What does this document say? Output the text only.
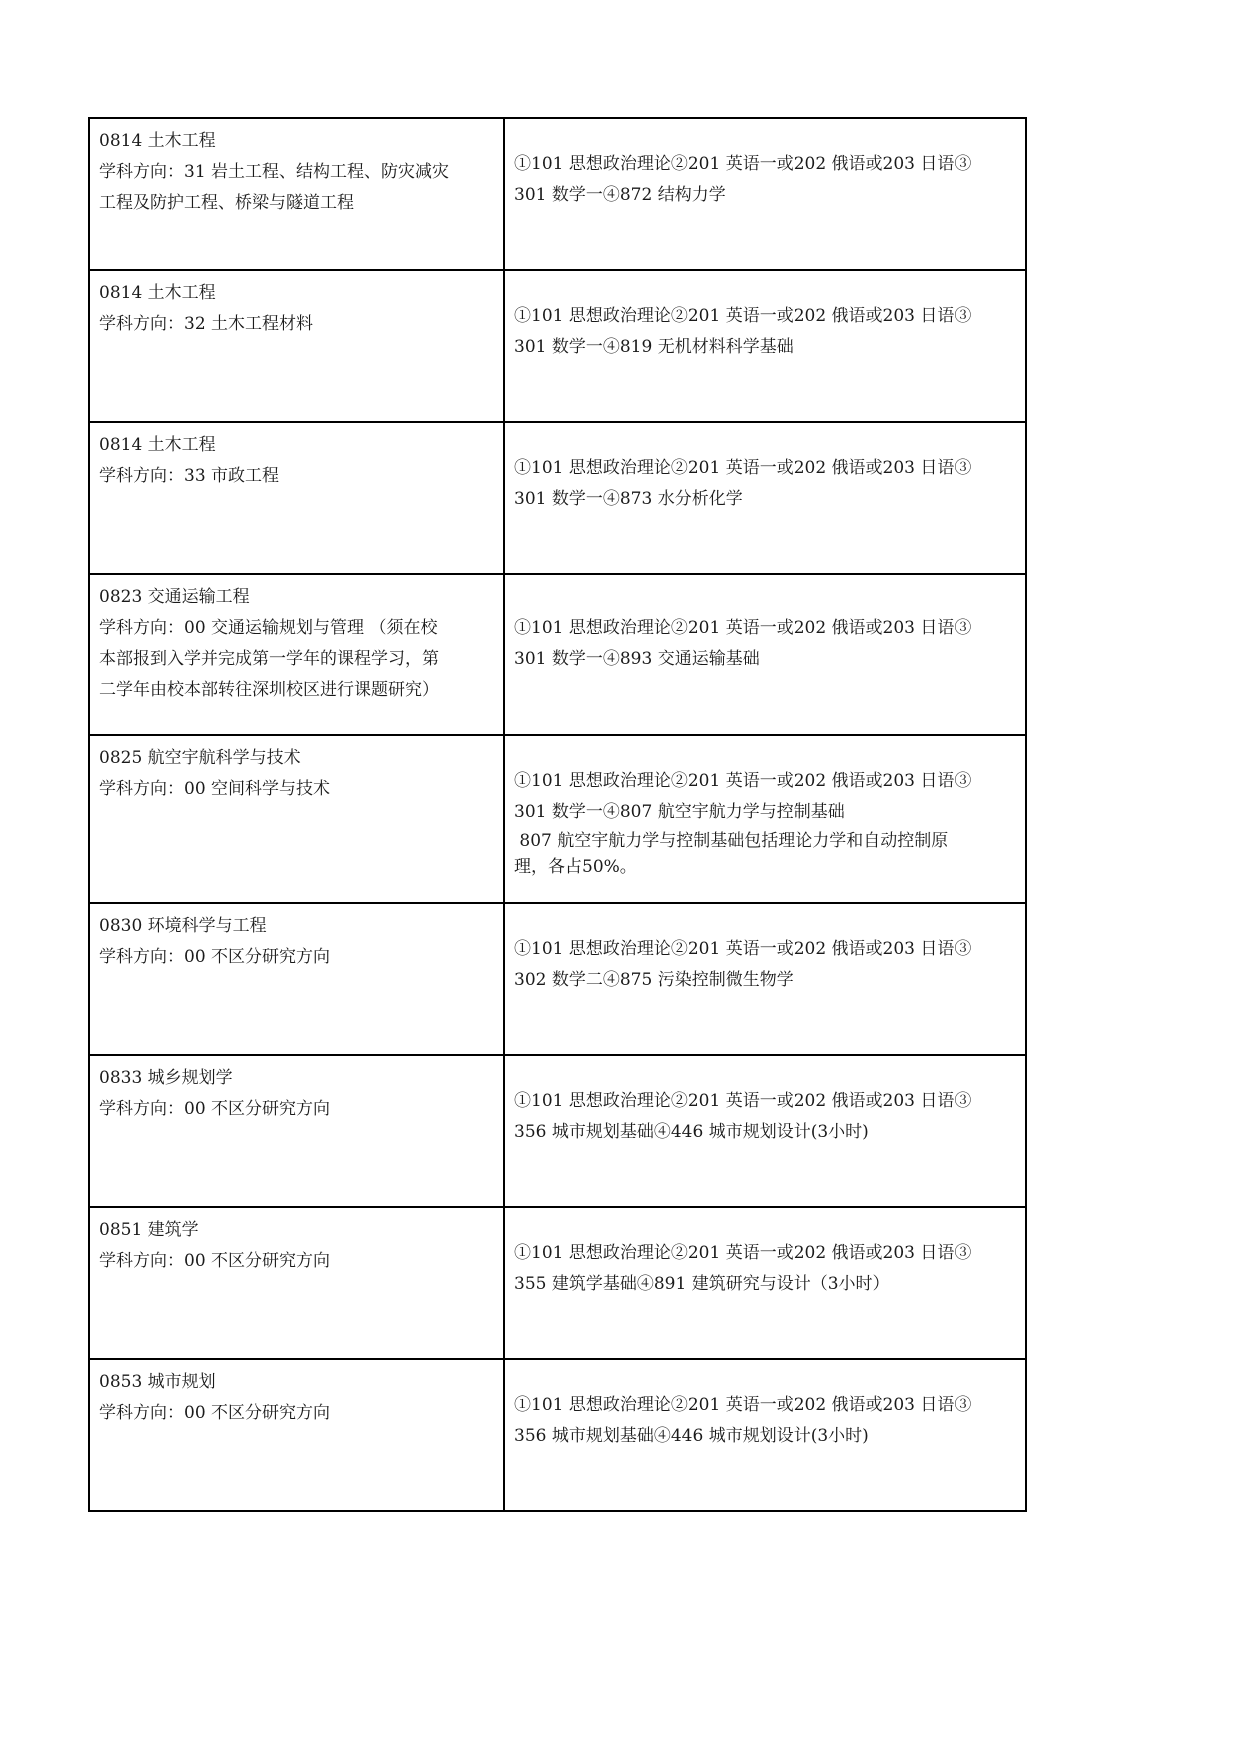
0814 土木工程
学科方向：31 岩土工程、结构工程、防灾减灾
工程及防护工程、桥梁与隧道工程	①101 思想政治理论②201 英语一或202 俄语或203 日语③
301 数学一④872 结构力学

0814 土木工程
学科方向：32 土木工程材料	①101 思想政治理论②201 英语一或202 俄语或203 日语③
301 数学一④819 无机材料科学基础

0814 土木工程
学科方向：33 市政工程	①101 思想政治理论②201 英语一或202 俄语或203 日语③
301 数学一④873 水分析化学

0823 交通运输工程
学科方向：00 交通运输规划与管理 （须在校
本部报到入学并完成第一学年的课程学习，第
二学年由校本部转往深圳校区进行课题研究）	①101 思想政治理论②201 英语一或202 俄语或203 日语③
301 数学一④893 交通运输基础

0825 航空宇航科学与技术
学科方向：00 空间科学与技术	①101 思想政治理论②201 英语一或202 俄语或203 日语③
301 数学一④807 航空宇航力学与控制基础
807 航空宇航力学与控制基础包括理论力学和自动控制原
理，各占50%。

0830 环境科学与工程
学科方向：00 不区分研究方向	①101 思想政治理论②201 英语一或202 俄语或203 日语③
302 数学二④875 污染控制微生物学

0833 城乡规划学
学科方向：00 不区分研究方向	①101 思想政治理论②201 英语一或202 俄语或203 日语③
356 城市规划基础④446 城市规划设计(3小时)

0851 建筑学
学科方向：00 不区分研究方向	①101 思想政治理论②201 英语一或202 俄语或203 日语③
355 建筑学基础④891 建筑研究与设计（3小时）

0853 城市规划
学科方向：00 不区分研究方向	①101 思想政治理论②201 英语一或202 俄语或203 日语③
356 城市规划基础④446 城市规划设计(3小时)
